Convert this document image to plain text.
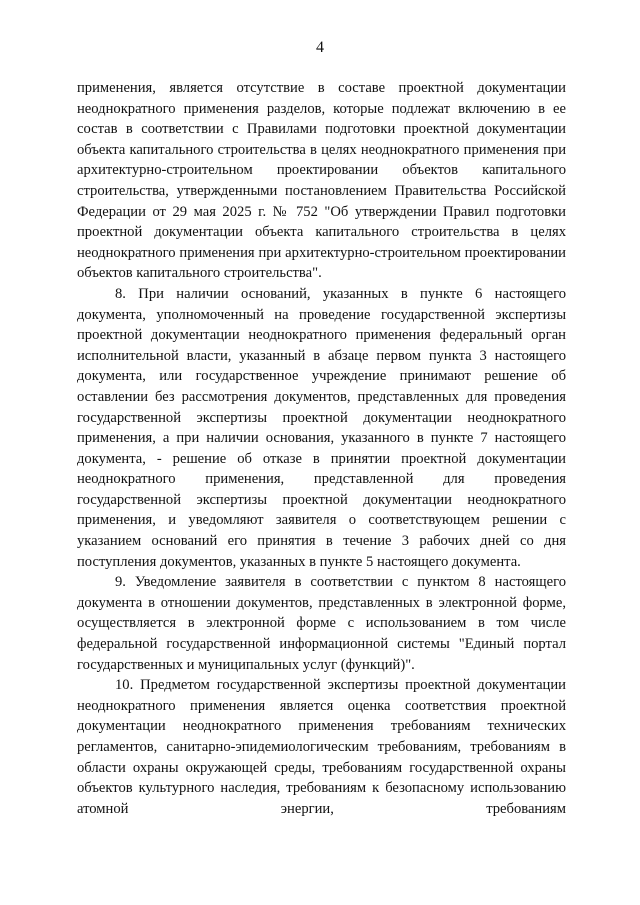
4

применения, является отсутствие в составе проектной документации неоднократного применения разделов, которые подлежат включению в ее состав в соответствии с Правилами подготовки проектной документации объекта капитального строительства в целях неоднократного применения при архитектурно-строительном проектировании объектов капитального строительства, утвержденными постановлением Правительства Российской Федерации от 29 мая 2025 г. № 752 "Об утверждении Правил подготовки проектной документации объекта капитального строительства в целях неоднократного применения при архитектурно-строительном проектировании объектов капитального строительства".

8. При наличии оснований, указанных в пункте 6 настоящего документа, уполномоченный на проведение государственной экспертизы проектной документации неоднократного применения федеральный орган исполнительной власти, указанный в абзаце первом пункта 3 настоящего документа, или государственное учреждение принимают решение об оставлении без рассмотрения документов, представленных для проведения государственной экспертизы проектной документации неоднократного применения, а при наличии основания, указанного в пункте 7 настоящего документа, - решение об отказе в принятии проектной документации неоднократного применения, представленной для проведения государственной экспертизы проектной документации неоднократного применения, и уведомляют заявителя о соответствующем решении с указанием оснований его принятия в течение 3 рабочих дней со дня поступления документов, указанных в пункте 5 настоящего документа.

9. Уведомление заявителя в соответствии с пунктом 8 настоящего документа в отношении документов, представленных в электронной форме, осуществляется в электронной форме с использованием в том числе федеральной государственной информационной системы "Единый портал государственных и муниципальных услуг (функций)".

10. Предметом государственной экспертизы проектной документации неоднократного применения является оценка соответствия проектной документации неоднократного применения требованиям технических регламентов, санитарно-эпидемиологическим требованиям, требованиям в области охраны окружающей среды, требованиям государственной охраны объектов культурного наследия, требованиям к безопасному использованию атомной энергии, требованиям
